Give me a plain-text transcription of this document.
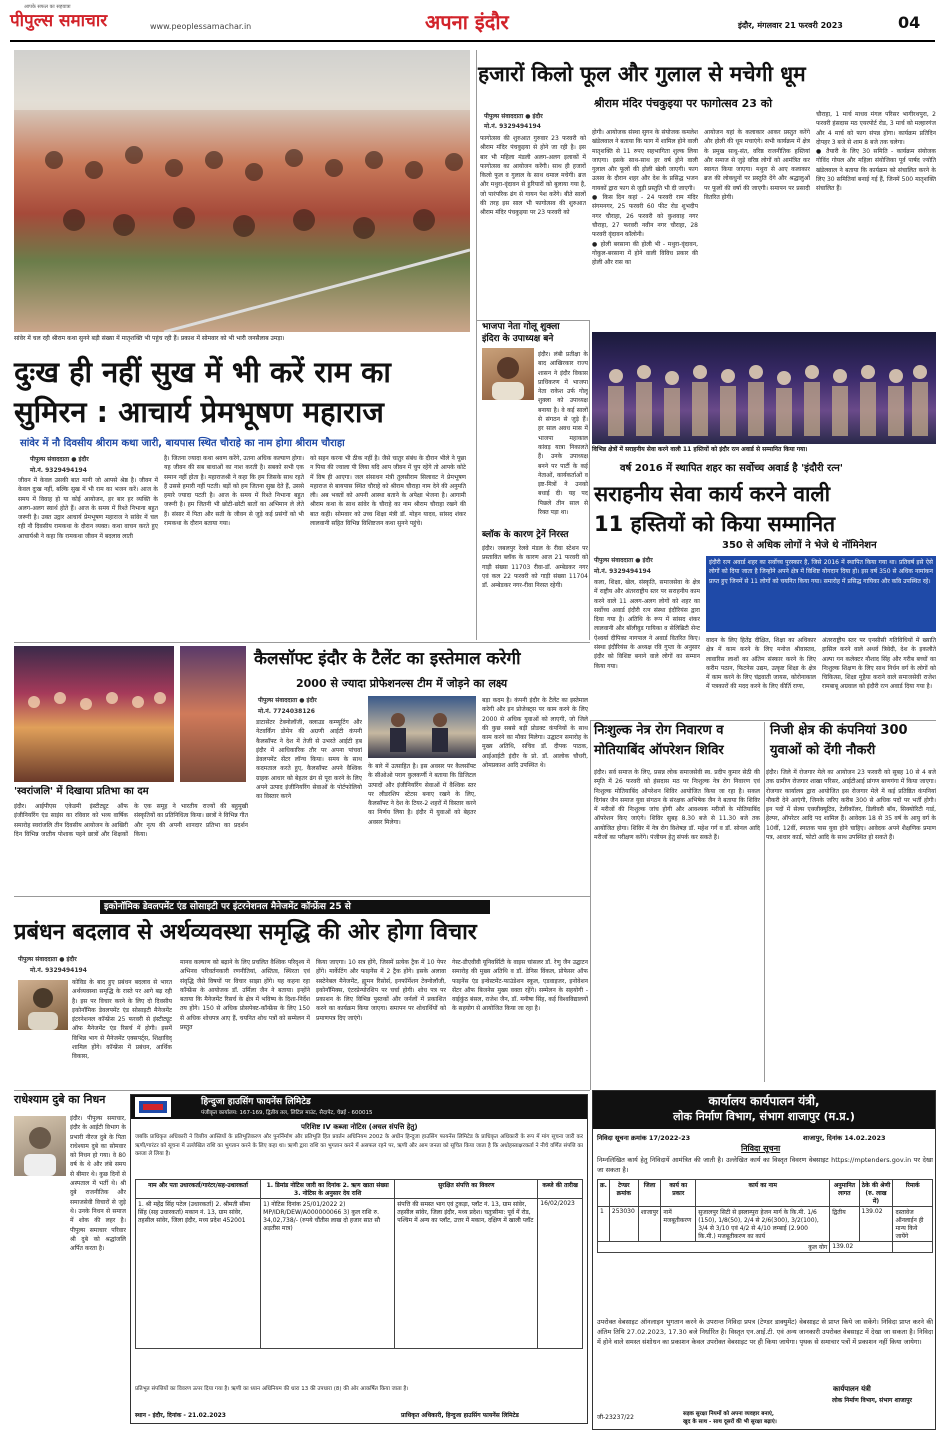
पीपुल्स समाचार
आपके सफल का सहयात्रा
www.peoplessamachar.in	अपना इंदौर	इंदौर, मंगलवार 21 फरवरी 2023	04
सांवेर में चल रही श्रीराम कथा सुनने बड़ी संख्या में मातृशक्ति भी पहुंच रही हैं। प्रकाश में सोमवार को भी भारी जनसैलाब उमड़ा।
हजारों किलो फूल और गुलाल से मचेगी धूम
श्रीराम मंदिर पंचकुइया पर फागोत्सव 23 को
पीपुल्स संवाददाता ● इंदौर
मो.नं. 9329494194
फागोत्सव की शुरुआत गुरुवार 23 फरवरी को श्रीराम मंदिर पंचकुइया से होने जा रही है। इस बार भी महिला मंडली अलग-अलग इलाकों में फागोत्सव का आयोजन करेंगी। साथ ही हजारों किलो फूल व गुलाल के साथ धमाल मचेगी। ब्रज और मथुरा-वृंदावन से हुरियारों को बुलाया गया है, जो पारंपरिक ढंग से गायन पेश करेंगे। बीते सालों की तरह इस साल भी फागोत्सव की शुरुआत श्रीराम मंदिर पंचकुइया पर 23 फरवरी को
होगी। आयोजक संस्था सुगन के संयोजक कमलेश खंडेलवाल ने बताया कि फाग में शामिल होने वाली मातृशक्ति से 11 रुपए सहभागिता शुल्क लिया जाएगा। इसके साथ-साथ हर वर्ष होने वाली गुलाल और फूलों की होली खेली जाएगी। फाग उत्सव के दौरान शहर और देश के प्रसिद्ध भजन गायकों द्वारा फाग से जुड़ी प्रस्तुति भी दी जाएगी।
● किस दिन कहां - 24 फरवरी राम मंदिर संगमनगर, 25 फरवरी 60 फीट रोड शुभदीप नगर चौराहा, 26 फरवरी को कुशवाह नगर चौराहा, 27 फरवरी नवीन नगर चौराहा, 28 फरवरी वृंदावन कॉलोनी।
● होली बरसाना की होली भी - मथुरा-वृंदावन, गोकुल-बरसाना में होने वाली विविध प्रकार की होली और रास का
आयोजन यहां के कलाकार आकर प्रस्तुत करेंगे और होली की धूम मचाएंगे। सभी कार्यक्रम में क्षेत्र के प्रमुख साधु-संत, वरिष्ठ राजनीतिक हस्तियां और समाज से जुड़े वरिष्ठ लोगों को आमंत्रित कर स्वागत किया जाएगा। मथुरा से आए कलाकार ब्रज की लोकधुनों पर प्रस्तुति देंगे और श्रद्धालुओं पर फूलों की वर्षा की जाएगी। समापन पर प्रसादी वितरित होगी।
चौराहा, 1 मार्च माधव मंगल परिसर भागीरथपुरा, 2 फरवरी हंसदास मठ एयरपोर्ट रोड, 3 मार्च को मल्हारगंज और 4 मार्च को फाग संपन्न होगा। कार्यक्रम प्रतिदिन दोपहर 3 बजे से शाम 8 बजे तक चलेगा।
● तैयारी के लिए 30 समिति - कार्यक्रम संयोजक गोविंद गोयल और महिला संयोजिका पूर्व पार्षद ज्योति खंडेलवाल ने बताया कि कार्यक्रम को संचालित करने के लिए 30 समितियां बनाई गई हैं, जिनमें 500 मातृशक्ति संचालित हैं।
दुःख ही नहीं सुख में भी करें राम का
सुमिरन : आचार्य प्रेमभूषण महाराज
सांवेर में नौ दिवसीय श्रीराम कथा जारी, बायपास स्थित चौराहे का नाम होगा श्रीराम चौराहा
पीपुल्स संवाददाता ● इंदौर
मो.नं. 9329494194
जीवन में केवल उसकी बात मानी जो आपसे श्रेष्ठ है। जीवन में केवल दुःख नहीं, बल्कि सुख में भी राम का भजन करें। आज के समय में विवाह हो या कोई आयोजन, हर बार हर व्यक्ति के अलग-अलग स्वार्थ होते हैं। आज के समय में रिश्ते निभाना बहुत जरूरी है। उक्त उद्गार आचार्य प्रेमभूषण महाराज ने सांवेर में चल रही नौ दिवसीय रामकथा के दौरान व्यक्त। कथा वाचन करते हुए आचार्यश्री ने कहा कि रामकथा जीवन में बदलाव लाती
है। जितना ज्यादा कथा श्रवण करेंगे, उतना अधिक कल्याण होगा। यह जीवन की सब बाधाओं का नाश करती है। सबको सभी एक समान नहीं होता है। महाराजश्री ने कहा कि हम जिसके साथ रहते हैं उससे हमारी नहीं पटती। बड़ों को हम जितना सुख देते हैं, उससे हमारे ज्यादा पटती है। आज के समय में रिश्ते निभाना बहुत जरूरी है। हम जितनी भी छोटी-छोटी बातों का अभिमान ले लेते हैं। संसार में पिता और सती के जीवन से जुड़े कई प्रसंगों को भी रामकथा के दौरान बताया गया।
को सहन करना भी ठीक नहीं है। जैसे चातुर संबंध के दौरान भीले ने पूछा न पिया की ज्वाला पी लिया यदि आप जीवन में चुप रहेंगे तो आपके कोटे में विष ही आएगा। जल संसाधन मंत्री तुलसीराम सिलावट ने प्रेमभूषण महाराज से बायपास स्थित चौराहे को श्रीराम चौराहा नाम देने की अनुमति ली। अब भक्तों को अपनी आस्था बताने के अपेक्षा भेजना है। आगामी श्रीराम कथा के साथ सांवेर के चौराहे का नाम श्रीराम चौराहा रखने की बात कही। सोमवार को उच्च शिक्षा मंत्री डॉ. मोहन यादव, सांसद शंकर लालवानी सहित विभिन्न विशिष्टजन कथा सुनने पहुंचे।
भाजपा नेता गोलू शुक्ला
इंदिरा के उपाध्यक्ष बने
इंदौर। लंबी प्रतीक्षा के बाद आखिरकार राज्य शासन ने इंदौर विकास प्राधिकरण में भाजपा नेता राकेश उर्फ गोलू शुक्ला को उपाध्यक्ष बनाया है। वे कई सालों से संगठन से जुड़े हैं। हर साल अवध मास में भाजपा महाकाल कांवड़ यात्रा निकालते हैं। उनके उपाध्यक्ष बनने पर पार्टी के कई नेताओं, कार्यकर्ताओं व इष्ट-मित्रों ने उनको बधाई दी। यह पद पिछले तीन साल से रिक्त पड़ा था।
ब्लॉक के कारण ट्रेनें निरस्त
इंदौर। जबलपुर रेलवे मंडल के रीवा स्टेशन पर प्रस्तावित ब्लॉक के कारण आज 21 फरवरी को गाड़ी संख्या 11703 रीवा-डॉ. अम्बेडकर नगर एवं कल 22 फरवरी को गाड़ी संख्या 11704 डॉ. अम्बेडकर नगर-रीवा निरस्त रहेगी।
विभिन्न क्षेत्रों में सराहनीय सेवा करने वाली 11 हस्तियों को इंदौर रत्न अवार्ड से सम्मानित किया गया।
वर्ष 2016 में स्थापित शहर का सर्वोच्च अवार्ड है 'इंदौरी रत्न'
सराहनीय सेवा कार्य करने वाली
11 हस्तियों को किया सम्मानित
350 से अधिक लोगों ने भेजे थे नॉमिनेशन
पीपुल्स संवाददाता ● इंदौर
मो.नं. 9329494194
इंदौरी रत्न अवार्ड शहर का सर्वोच्च पुरस्कार है, जिसे 2016 में स्थापित किया गया था। प्रतिवर्ष इसे ऐसे लोगों को दिया जाता है जिन्होंने अपने क्षेत्र में विशिष्ट योगदान दिया हो। इस वर्ष 350 से अधिक नामांकन प्राप्त हुए जिनमें से 11 लोगों को चयनित किया गया। समारोह में प्रसिद्ध गायिका और कवि उपस्थित रहे।
कला, शिक्षा, खेल, संस्कृति, समाजसेवा के क्षेत्र में राष्ट्रीय और अंतरराष्ट्रीय स्तर पर सराहनीय काम करने वाले 11 अलग-अलग लोगों को शहर का सर्वोच्च अवार्ड इंदौरी रत्न संस्था इंदौरियंस द्वारा दिया गया है। अतिथि के रूप में सांसद शंकर लालवानी और बॉलीवुड गायिका व सेलिब्रिटी सेन्ट ऐश्वर्या दीपिका नागपाल ने अवार्ड वितरित किए। संस्था इंदौरियंस के अध्यक्ष रवि गुप्ता के अनुसार इंदौर को विशिष्ट बनाने वाले लोगों का सम्मान किया गया।
वादन के लिए हितेंद्र दीक्षित, शिक्षा का अधिकार क्षेत्र में काम करने के लिए मनोज श्रीवास्तव, लावारिस लाशों का अंतिम संस्कार करने के लिए करीम पठान, फिटनेस उद्यम, उत्कृष्ट शिक्षा के क्षेत्र में काम करने के लिए चंद्रवाती जायस, कोरोनाकाल में पत्रकारों की मदद करने के लिए कीर्ति राणा,
अंतरराष्ट्रीय स्तर पर एनसीसी गतिविधियों में ख्याति हासिल करने वाले अथर्व त्रिवेदी, देश के इकलौते अल्पा गन कलेक्टर नौशाद सिंह और गरीब बच्चों का निःशुल्क शिक्षण के लिए साथ निर्धन वर्ग के लोगों को चिकित्सा, शिक्षा मुहैया कराने वाले समाजसेवी राजेश रामबाबू अग्रवाल को इंदौरी रत्न अवार्ड दिया गया है।
'स्वरांजलि' में दिखाया प्रतिभा का दम
इंदौर। आईपीएस एकेडमी इंस्टीट्यूट ऑफ इंजीनियरिंग एंड साइंस का रविवार को भव्य वार्षिक समारोह स्वरांजलि तीन दिवसीय आयोजन के आखिरी दिन विभिन्न जातीय पोशाक पहने छात्रों और शिक्षकों के एक समूह ने भारतीय राज्यों की बहुमुखी संस्कृतियों का प्रतिनिधित्व किया। छात्रों ने विभिन्न गीत और नृत्य की अपनी शानदार प्रतिभा का प्रदर्शन किया।
कैलसॉफ्ट इंदौर के टैलेंट का इस्तेमाल करेगी
2000 से ज्यादा प्रोफेशनल्स टीम में जोड़ने का लक्ष्य
पीपुल्स संवाददाता ● इंदौर
मो.नं. 7724038126
डाटासेंटर टेक्नोलॉजी, क्लाउड कम्प्यूटिंग और नेटवर्किंग डोमेन की अग्रणी आईटी कंपनी कैलसॉफ्ट ने देश में तेजी से उभरते आईटी हब इंदौर में आधिकारिक तौर पर अपना पांचवां डेवलपमेंट सेंटर लॉन्च किया। समय के साथ कदमताल करते हुए, कैलसॉफ्ट अपने वैश्विक ग्राहक आधार को बेहतर ढंग से पूरा करने के लिए अपने उत्पाद इंजीनियरिंग सेवाओं के पोर्टफोलियो का विस्तार करने
के बारे में उत्साहित है। इस अवसर पर कैलसॉफ्ट के सीओओ पराग कुलकर्णी ने बताया कि डिजिटल उत्पादों और इंजीनियरिंग सेवाओं में वैश्विक स्तर पर लीडरशिप स्टेटस बनाए रखने के लिए, कैलसॉफ्ट ने देश के टियर-2 शहरों में विस्तार करने का निर्णय लिया है। इंदौर में युवाओं को बेहतर अवसर मिलेगा।
बड़ा कदम है। कंपनी इंदौर के टैलेंट का इस्तेमाल करेगी और इन प्रोजेक्ट्स पर काम करने के लिए 2000 से अधिक युवाओं को लाएगी, जो जिले की कुछ सबसे बड़ी प्रोडक्ट कंपनियों के साथ काम करने का मौका मिलेगा। उद्घाटन समारोह के मुख्य अतिथि, सचिव डॉ. दीपक पाठक, आईआईटी इंदौर के प्रो. डॉ. आलोक चौधरी, ओमप्रकाश आदि उपस्थित थे।
निःशुल्क नेत्र रोग निवारण व
मोतियाबिंद ऑपरेशन शिविर
इंदौर। सर्व समाज के लिए, प्रसन्न लोक समाजसेवी स्व. प्रदीप कुमार सेठी की स्मृति में 26 फरवरी को हंसदास मठ पर निःशुल्क नेत्र रोग निवारण एवं निःशुल्क मोतियाबिंद ऑपरेशन शिविर आयोजित किया जा रहा है। सकल दिगंबर जैन समाज युवा संगठन के संरक्षक अभिषेक जैन ने बताया कि शिविर में मरीजों की निःशुल्क जांच होगी और आवश्यक मरीजों के मोतियाबिंद ऑपरेशन किए जाएंगे। शिविर सुबह 8.30 बजे से 11.30 बजे तक आयोजित होगा। शिविर में नेत्र रोग विशेषज्ञ डॉ. महेश गर्ग व डॉ. सोनल आदि मरीजों का परीक्षण करेंगे। पंजीयन हेतु संपर्क कर सकते हैं।
निजी क्षेत्र की कंपनियां 300
युवाओं को देंगी नौकरी
इंदौर। जिले में रोजगार मेले का आयोजन 23 फरवरी को सुबह 10 से 4 बजे तक ग्रामीण रोजगार शाखा परिसर, आईटीआई प्रांगण बाणगंगा में किया जाएगा। रोजगार कार्यालय द्वारा आयोजित इस रोजगार मेले में कई प्रतिष्ठित कंपनियां नौकरी देने आएंगी, जिनके जरिए करीब 300 से अधिक पदों पर भर्ती होगी। इन पदों में सेल्स एक्जीक्यूटिव, टेलीकॉलर, डिलीवरी बॉय, सिक्योरिटी गार्ड, हेल्पर, ऑपरेटर आदि पद शामिल हैं। आवेदक 18 से 35 वर्ष के आयु वर्ग के 10वीं, 12वीं, स्नातक पास युवा होने चाहिए। आवेदक अपने शैक्षणिक प्रमाण पत्र, आधार कार्ड, फोटो आदि के साथ उपस्थित हो सकते हैं।
इकोनॉमिक डेवलपमेंट एंड सोसाइटी पर इंटरनेशनल मैनेजमेंट कॉन्फ्रेंस 25 से
प्रबंधन बदलाव से अर्थव्यवस्था समृद्धि की ओर होगा विचार
पीपुल्स संवाददाता ● इंदौर
मो.नं. 9329494194
कोविड के बाद हुए प्रबंधन बदलाव से भारत अर्थव्यवस्था समृद्धि के रास्ते पर आगे बढ़ रही है। इस पर विचार करने के लिए दो दिवसीय इकोनॉमिक डेवलपमेंट एंड सोसाइटी मैनेजमेंट इंटरनेशनल कॉन्फ्रेंस 25 फरवरी से इंस्टीट्यूट ऑफ मैनेजमेंट एंड रिसर्च में होगी। इसमें विभिन्न भाग से मैनेजमेंट एक्सपर्ट्स, शिक्षाविद् शामिल होंगे। कॉन्फ्रेंस में प्रबंधन, आर्थिक विकास,
मानव कल्याण को बढ़ाने के लिए प्रचलित वैश्विक परिदृश्य में अभिनव परिवर्तनकारी रणनीतियां, अस्तित्व, स्थिरता एवं संवृद्धि जैसे विषयों पर विचार साझा होंगे। यह कहना रहा कॉन्फ्रेंस के आयोजक डॉ. उर्मिला जैन ने बताया। इन्होंने बताया कि मैनेजमेंट रिसर्च के क्षेत्र में भविष्य के दिशा-निर्देश तय होंगे। 150 से अधिक प्रोसपेक्ट-कॉन्फ्रेंस के लिए 150 से अधिक शोधपत्र आए हैं, चयनित शोध पत्रों को सम्मेलन में प्रस्तुत
किया जाएगा। 10 सत्र होंगे, जिसमें प्रत्येक ट्रैक में 10 पेपर होंगे। मार्केटिंग और फाइनेंस में 2 ट्रैक होंगे। इसके अलावा सस्टेनेबल मैनेजमेंट, ह्यूमन रिसोर्स, इनफॉर्मेशन टेक्नोलॉजी, इकोनॉमिक्स, एंटरप्रेन्योरशिप पर चर्चा होगी। शोध पत्र पर प्रकाशन के लिए विभिन्न पुस्तकों और जर्नलों में प्रकाशित करने का कार्यक्रम किया जाएगा। समापन पर शोधार्थियों को प्रमाणपत्र दिए जाएंगे।
गेस्ट-डीएवीवी यूनिवर्सिटी के वाइस चांसलर डॉ. रेणु जैन उद्घाटन समारोह की मुख्य अतिथि व डॉ. डेनिस विंकल, प्रोफेसर ऑफ फाइनेंस एंड इन्वेस्टमेंट-फाउंडेशन स्कूल, एडवाइजर, इनोवेशन सेंटर ऑफ बिजनेस मुख्य वक्ता रहेंगे। सम्मेलन के सहयोगी - वाईकुंठ बंसल, राजेश जैन, डॉ. मनीषा सिंह, कई विश्वविद्यालयों के सहयोग से आयोजित किया जा रहा है।
राधेश्याम दुबे का निधन
इंदौर। पीपुल्स समाचार, इंदौर के आईटी विभाग के प्रभारी नीरज दुबे के पिता राधेश्याम दुबे का सोमवार को निधन हो गया। वे 80 वर्ष के थे और लंबे समय से बीमार थे। कुछ दिनों से अस्पताल में भर्ती थे। श्री दुबे राजनीतिक और समाजसेवी विचारों से जुड़े थे। उनके निधन से समाज में शोक की लहर है। पीपुल्स समाचार परिवार श्री दुबे को श्रद्धांजलि अर्पित करता है।
हिन्दुजा हाउसिंग फायनेंस लिमिटेड
पंजीकृत कार्यालय: 167-169, द्वितीय तल, लिटिल माउंट, सैदापेट, चेन्नई - 600015
परिशिष्ट IV कब्जा नोटिस (अचल संपत्ति हेतु)
जबकि प्राधिकृत अधिकारी ने वित्तीय आस्तियों के प्रतिभूतिकरण और पुनर्निर्माण और प्रतिभूति हित प्रवर्तन अधिनियम 2002 के अधीन हिन्दुजा हाउसिंग फायनेंस लिमिटेड के प्राधिकृत अधिकारी के रूप में मांग सूचना जारी कर ऋणी/गारंटर को सूचना में उल्लेखित राशि का भुगतान करने के लिए कहा था। ऋणी द्वारा राशि का भुगतान करने में असफल रहने पर, ऋणी और आम जनता को सूचित किया जाता है कि अधोहस्ताक्षरकर्ता ने नीचे वर्णित संपत्ति का कब्जा ले लिया है।
नाम और पता उधारकर्ता/गारंटर/सह-उधारकर्ता	1. डिमांड नोटिस जारी का दिनांक 2. ऋण खाता संख्या 3. नोटिस के अनुसार देय राशि	सुरक्षित संपत्ति का विवरण	कब्जे की तारीख
1. श्री महेंद्र सिंह पटेल (उधारकर्ता) 2. श्रीमती सीमा सिंह (सह उधारकर्ता) मकान नं. 13, ग्राम सांवेर, तहसील सांवेर, जिला इंदौर, मध्य प्रदेश 452001	1) नोटिस दिनांक 25/01/2022 2) MP/IDR/DEW/A000000066 3) कुल राशि रु. 34,02,738/- (रुपये चौंतीस लाख दो हजार सात सौ अड़तीस मात्र)	संपत्ति की समस्त भाग एवं टुकड़ा, प्लॉट नं. 13, ग्राम सांवेर, तहसील सांवेर, जिला इंदौर, मध्य प्रदेश। चतुःसीमा: पूर्व में रोड, पश्चिम में अन्य का प्लॉट, उत्तर में मकान, दक्षिण में खाली प्लॉट	16/02/2023
प्रतिभूत संपत्तियों का विवरण ऊपर दिया गया है। ऋणी का ध्यान अधिनियम की धारा 13 की उपधारा (8) की ओर आकर्षित किया जाता है।
स्थान - इंदौर, दिनांक - 21.02.2023	प्राधिकृत अधिकारी, हिन्दुजा हाउसिंग फायनेंस लिमिटेड
कार्यालय कार्यपालन यंत्री,
लोक निर्माण विभाग, संभाग शाजापुर (म.प्र.)
निविदा सूचना क्रमांक 17/2022-23	शाजापुर, दिनांक 14.02.2023
निविदा सूचना
निम्नलिखित कार्य हेतु निविदायें आमंत्रित की जाती है। उल्लेखित कार्य का विस्तृत विवरण वेबसाइट https://mptenders.gov.in पर देखा जा सकता है।
क्र.	टेण्डर क्रमांक	जिला	कार्य का प्रकार	कार्य का नाम	अनुमानित लागत	ठेके की श्रेणी (रु. लाख में)	रिमार्क
1	253030	शाजापुर	नामें मजबूतीकरण	सुजालपुर सिटी से इस्लाम्पुरा हेजन मार्ग के कि.मी. 1/6 (150), 1/8(50), 2/4 से 2/6(300), 3/2(100), 3/4 से 3/10 एवं 4/2 से 4/10 लम्बाई (2.900 कि.मी.) मजबूतीकरण का कार्य	द्वितीय	139.02	दस्तावेज ऑनलाईन ही मान्य किये जायेंगे
कुल योग					139.02		
उपरोक्त वेबसाइट ऑनलाइन भुगतान करने के उपरान्त निविदा प्रपत्र (टेण्डर डाक्युमेंट) वेबसाइट से प्राप्त किये जा सकेंगे। निविदा प्राप्त करने की अंतिम तिथि 27.02.2023, 17.30 बजे निर्धारित है। विस्तृत एन.आई.टी. एवं अन्य जानकारी उपरोक्त वेबसाइट में देखा जा सकता है। निविदा में होने वाले समस्त संशोधन का प्रकाशन केवल उपरोक्त वेबसाइट पर ही किया जायेगा। पृथक से समाचार पत्रों में प्रकाशन नहीं किया जायेगा।
कार्यपालन यंत्री
लोक निर्माण विभाग, संभाग शाजापुर
सड़क सुरक्षा नियमों को अपना व्यवहार बनाएं,
खुद के साथ - साथ दूसरों की भी सुरक्षा बढ़ाएं।
जी-23237/22
